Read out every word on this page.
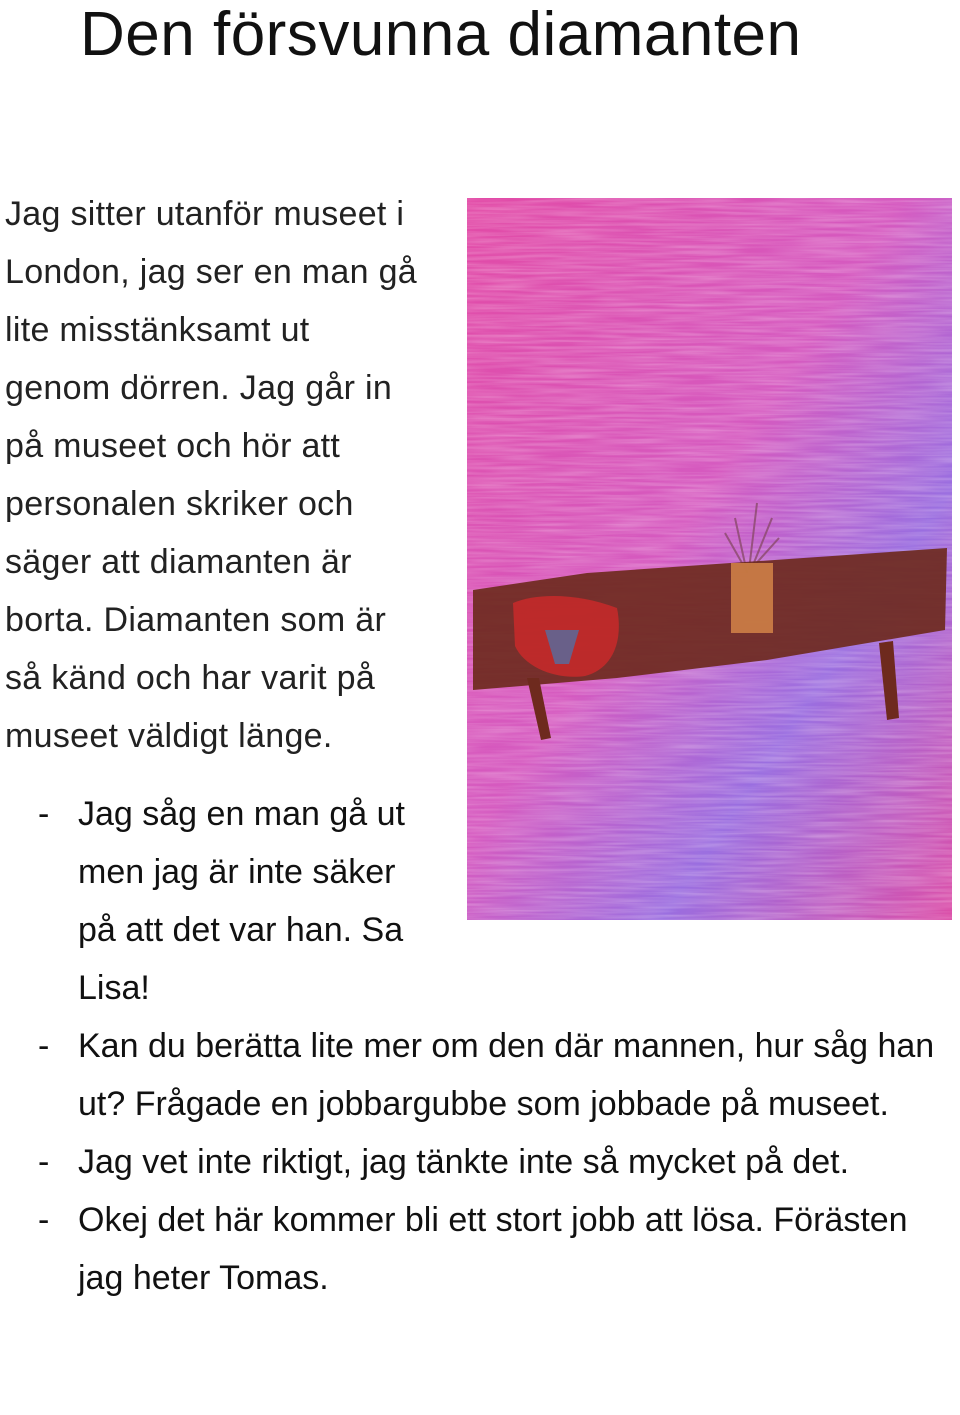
Den försvunna diamanten

Jag sitter utanför museet i

London, jag ser en man gå

lite misstänksamt ut

genom dörren. Jag går in

på museet och hör att

personalen skriker och

säger att diamanten är

borta. Diamanten som är

så känd och har varit på

museet väldigt länge.

- Jag såg en man gå ut men jag är inte säker på att det var han. Sa Lisa!

- Kan du berätta lite mer om den där mannen, hur såg han ut? Frågade en jobbargubbe som jobbade på museet.

- Jag vet inte riktigt, jag tänkte inte så mycket på det.

- Okej det här kommer bli ett stort jobb att lösa. Förästen jag heter Tomas.
